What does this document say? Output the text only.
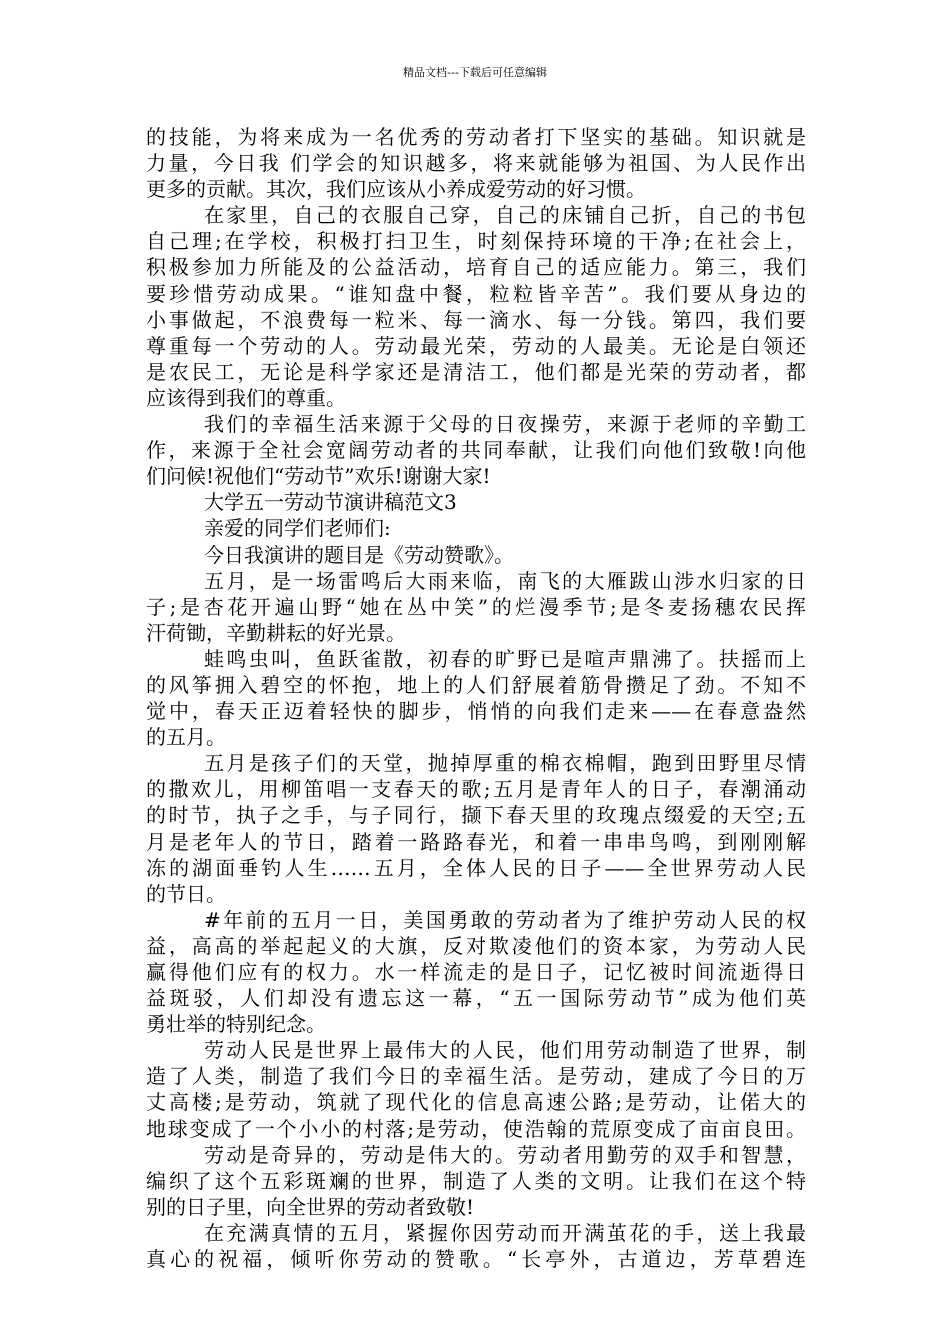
精品文档---下载后可任意编辑
的技能，为将来成为一名优秀的劳动者打下坚实的基础。知识就是
力量，今日我 们学会的知识越多，将来就能够为祖国、为人民作出
更多的贡献。其次，我们应该从小养成爱劳动的好习惯。
在家里，自己的衣服自己穿，自己的床铺自己折，自己的书包
自己理;在学校，积极打扫卫生，时刻保持环境的干净;在社会上，
积极参加力所能及的公益活动，培育自己的适应能力。第三，我们
要珍惜劳动成果。“谁知盘中餐，粒粒皆辛苦”。我们要从身边的
小事做起，不浪费每一粒米、每一滴水、每一分钱。第四，我们要
尊重每一个劳动的人。劳动最光荣，劳动的人最美。无论是白领还
是农民工，无论是科学家还是清洁工，他们都是光荣的劳动者，都
应该得到我们的尊重。
我们的幸福生活来源于父母的日夜操劳，来源于老师的辛勤工
作，来源于全社会宽阔劳动者的共同奉献，让我们向他们致敬!向他
们问候!祝他们“劳动节”欢乐!谢谢大家!
大学五一劳动节演讲稿范文3
亲爱的同学们老师们:
今日我演讲的题目是《劳动赞歌》。
五月，是一场雷鸣后大雨来临，南飞的大雁跋山涉水归家的日
子;是杏花开遍山野“她在丛中笑”的烂漫季节;是冬麦扬穗农民挥
汗荷锄，辛勤耕耘的好光景。
蛙鸣虫叫，鱼跃雀散，初春的旷野已是喧声鼎沸了。扶摇而上
的风筝拥入碧空的怀抱，地上的人们舒展着筋骨攒足了劲。不知不
觉中，春天正迈着轻快的脚步，悄悄的向我们走来——在春意盎然
的五月。
五月是孩子们的天堂，抛掉厚重的棉衣棉帽，跑到田野里尽情
的撒欢儿，用柳笛唱一支春天的歌;五月是青年人的日子，春潮涌动
的时节，执子之手，与子同行，撷下春天里的玫瑰点缀爱的天空;五
月是老年人的节日，踏着一路路春光，和着一串串鸟鸣，到刚刚解
冻的湖面垂钓人生……五月，全体人民的日子——全世界劳动人民
的节日。
#年前的五月一日，美国勇敢的劳动者为了维护劳动人民的权
益，高高的举起起义的大旗，反对欺凌他们的资本家，为劳动人民
赢得他们应有的权力。水一样流走的是日子，记忆被时间流逝得日
益斑驳，人们却没有遗忘这一幕，“五一国际劳动节”成为他们英
勇壮举的特别纪念。
劳动人民是世界上最伟大的人民，他们用劳动制造了世界，制
造了人类，制造了我们今日的幸福生活。是劳动，建成了今日的万
丈高楼;是劳动，筑就了现代化的信息高速公路;是劳动，让偌大的
地球变成了一个小小的村落;是劳动，使浩翰的荒原变成了亩亩良田。
劳动是奇异的，劳动是伟大的。劳动者用勤劳的双手和智慧，
编织了这个五彩斑斓的世界，制造了人类的文明。让我们在这个特
别的日子里，向全世界的劳动者致敬!
在充满真情的五月，紧握你因劳动而开满茧花的手，送上我最
真心的祝福，倾听你劳动的赞歌。“长亭外，古道边，芳草碧连
